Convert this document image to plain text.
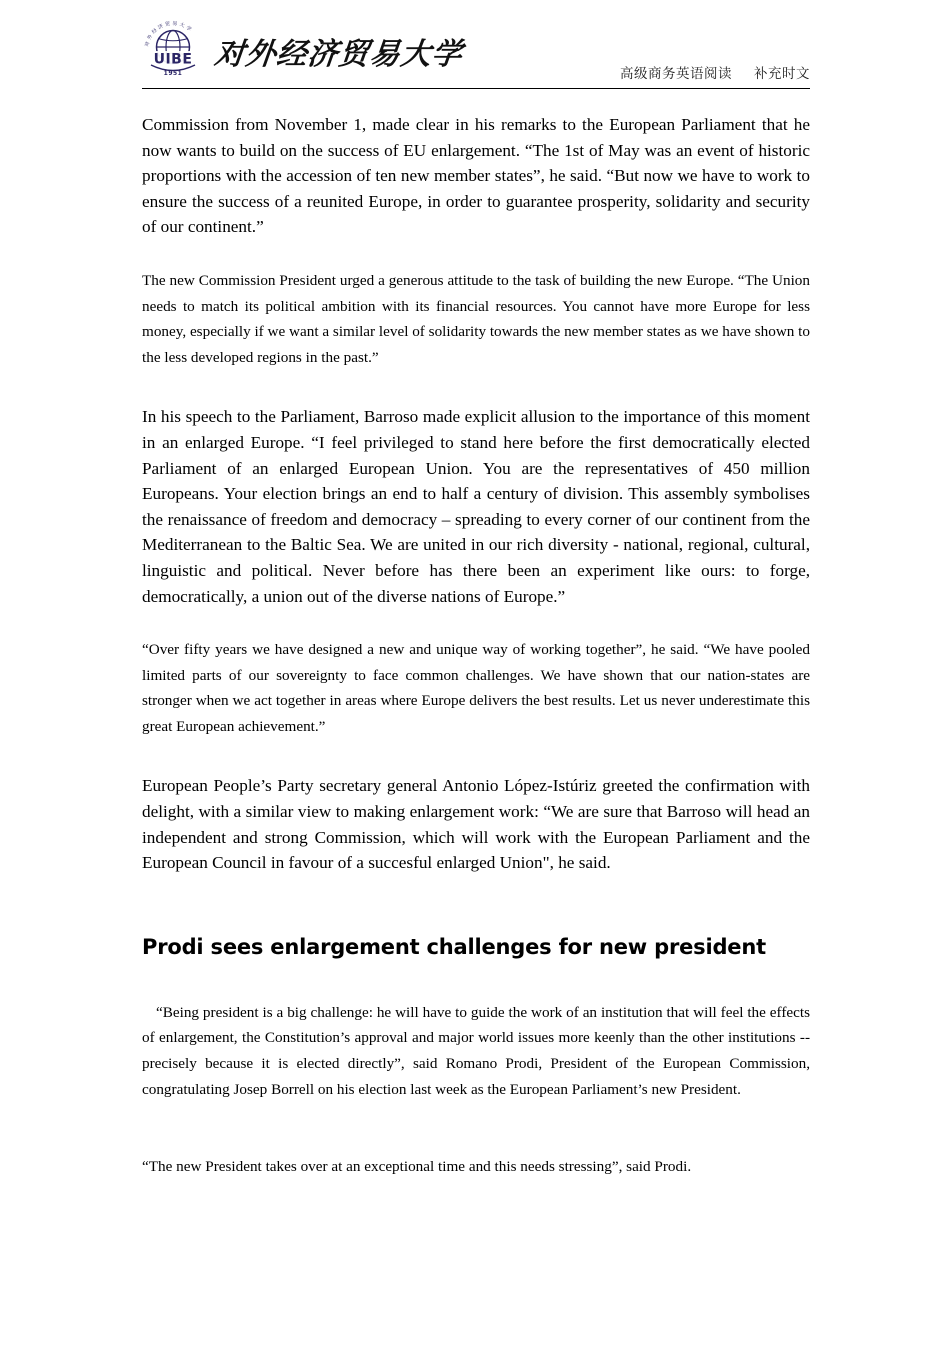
对外经济贸易大学
UIBE
1951
对外经济贸易大学
高级商务英语阅读 补充时文

Commission from November 1, made clear in his remarks to the European Parliament that he now wants to build on the success of EU enlargement. “The 1st of May was an event of historic proportions with the accession of ten new member states”, he said. “But now we have to work to ensure the success of a reunited Europe, in order to guarantee prosperity, solidarity and security of our continent.”

The new Commission President urged a generous attitude to the task of building the new Europe. “The Union needs to match its political ambition with its financial resources. You cannot have more Europe for less money, especially if we want a similar level of solidarity towards the new member states as we have shown to the less developed regions in the past.”

In his speech to the Parliament, Barroso made explicit allusion to the importance of this moment in an enlarged Europe. “I feel privileged to stand here before the first democratically elected Parliament of an enlarged European Union. You are the representatives of 450 million Europeans. Your election brings an end to half a century of division. This assembly symbolises the renaissance of freedom and democracy – spreading to every corner of our continent from the Mediterranean to the Baltic Sea. We are united in our rich diversity - national, regional, cultural, linguistic and political. Never before has there been an experiment like ours: to forge, democratically, a union out of the diverse nations of Europe.”

“Over fifty years we have designed a new and unique way of working together”, he said. “We have pooled limited parts of our sovereignty to face common challenges. We have shown that our nation-states are stronger when we act together in areas where Europe delivers the best results. Let us never underestimate this great European achievement.”

European People’s Party secretary general Antonio López-Istúriz greeted the confirmation with delight, with a similar view to making enlargement work: “We are sure that Barroso will head an independent and strong Commission, which will work with the European Parliament and the European Council in favour of a succesful enlarged Union", he said.

Prodi sees enlargement challenges for new president

“Being president is a big challenge: he will have to guide the work of an institution that will feel the effects of enlargement, the Constitution’s approval and major world issues more keenly than the other institutions -- precisely because it is elected directly”, said Romano Prodi, President of the European Commission, congratulating Josep Borrell on his election last week as the European Parliament’s new President.

“The new President takes over at an exceptional time and this needs stressing”, said Prodi.
